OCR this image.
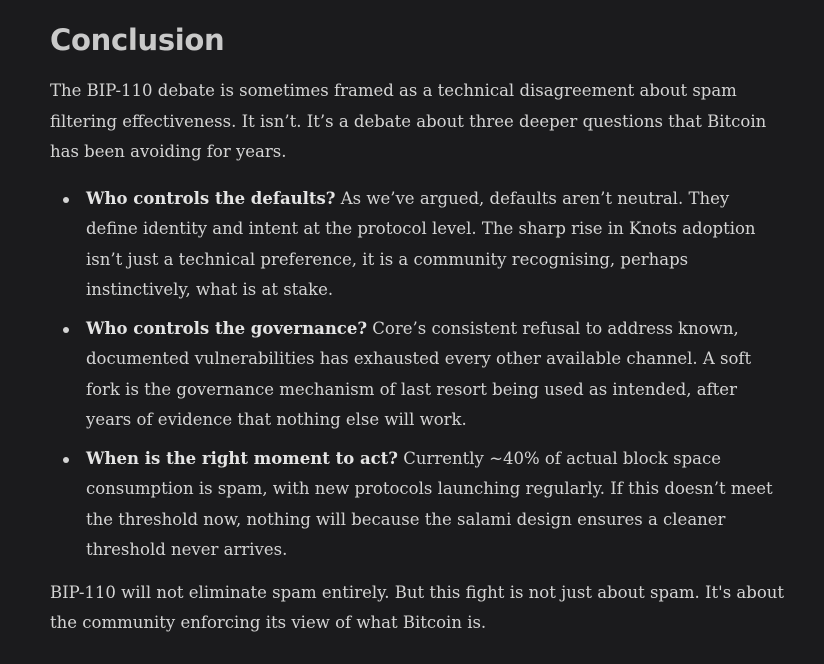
Conclusion

The BIP-110 debate is sometimes framed as a technical disagreement about spam filtering effectiveness. It isn’t. It’s a debate about three deeper questions that Bitcoin has been avoiding for years.

Who controls the defaults? As we’ve argued, defaults aren’t neutral. They define identity and intent at the protocol level. The sharp rise in Knots adoption isn’t just a technical preference, it is a community recognising, perhaps instinctively, what is at stake.
Who controls the governance? Core’s consistent refusal to address known, documented vulnerabilities has exhausted every other available channel. A soft fork is the governance mechanism of last resort being used as intended, after years of evidence that nothing else will work.
When is the right moment to act? Currently ~40% of actual block space consumption is spam, with new protocols launching regularly. If this doesn’t meet the threshold now, nothing will because the salami design ensures a cleaner threshold never arrives.

BIP-110 will not eliminate spam entirely. But this fight is not just about spam. It's about the community enforcing its view of what Bitcoin is.
